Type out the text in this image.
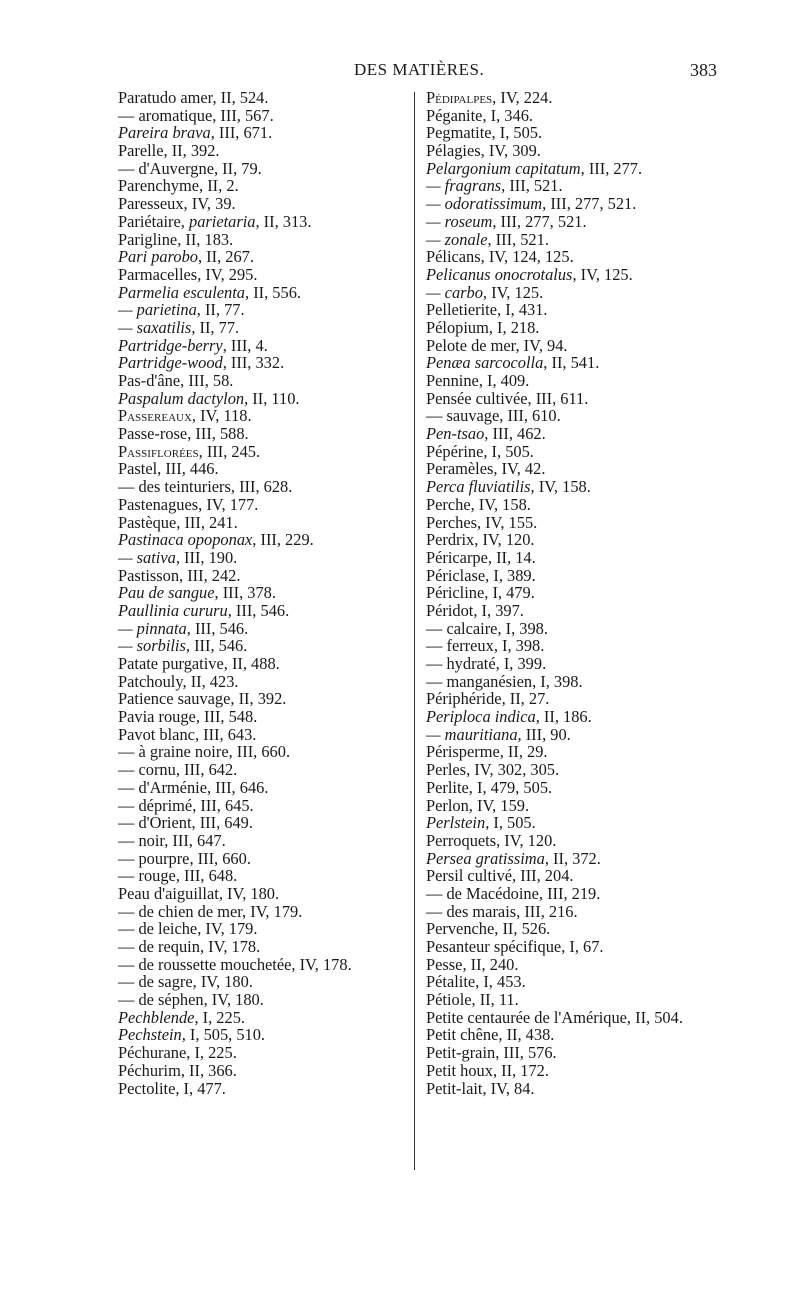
DES MATIÈRES.	383
Paratudo amer, II, 524.
— aromatique, III, 567.
Pareira brava, III, 671.
Parelle, II, 392.
— d'Auvergne, II, 79.
Parenchyme, II, 2.
Paresseux, IV, 39.
Pariétaire, parietaria, II, 313.
Parigline, II, 183.
Pari parobo, II, 267.
Parmacelles, IV, 295.
Parmelia esculenta, II, 556.
— parietina, II, 77.
— saxatilis, II, 77.
Partridge-berry, III, 4.
Partridge-wood, III, 332.
Pas-d'âne, III, 58.
Paspalum dactylon, II, 110.
Passereaux, IV, 118.
Passe-rose, III, 588.
Passiflorées, III, 245.
Pastel, III, 446.
— des teinturiers, III, 628.
Pastenagues, IV, 177.
Pastèque, III, 241.
Pastinaca opoponax, III, 229.
— sativa, III, 190.
Pastisson, III, 242.
Pau de sangue, III, 378.
Paullinia cururu, III, 546.
— pinnata, III, 546.
— sorbilis, III, 546.
Patate purgative, II, 488.
Patchouly, II, 423.
Patience sauvage, II, 392.
Pavia rouge, III, 548.
Pavot blanc, III, 643.
— à graine noire, III, 660.
— cornu, III, 642.
— d'Arménie, III, 646.
— déprimé, III, 645.
— d'Orient, III, 649.
— noir, III, 647.
— pourpre, III, 660.
— rouge, III, 648.
Peau d'aiguillat, IV, 180.
— de chien de mer, IV, 179.
— de leiche, IV, 179.
— de requin, IV, 178.
— de roussette mouchetée, IV, 178.
— de sagre, IV, 180.
— de séphen, IV, 180.
Pechblende, I, 225.
Pechstein, I, 505, 510.
Péchurane, I, 225.
Péchurim, II, 366.
Pectolite, I, 477.
Pédipalpes, IV, 224.
Péganite, I, 346.
Pegmatite, I, 505.
Pélagies, IV, 309.
Pelargonium capitatum, III, 277.
— fragrans, III, 521.
— odoratissimum, III, 277, 521.
— roseum, III, 277, 521.
— zonale, III, 521.
Pélicans, IV, 124, 125.
Pelicanus onocrotalus, IV, 125.
— carbo, IV, 125.
Pelletierite, I, 431.
Pélopium, I, 218.
Pelote de mer, IV, 94.
Penæa sarcocolla, II, 541.
Pennine, I, 409.
Pensée cultivée, III, 611.
— sauvage, III, 610.
Pen-tsao, III, 462.
Pépérine, I, 505.
Peramèles, IV, 42.
Perca fluviatilis, IV, 158.
Perche, IV, 158.
Perches, IV, 155.
Perdrix, IV, 120.
Péricarpe, II, 14.
Périclase, I, 389.
Péricline, I, 479.
Péridot, I, 397.
— calcaire, I, 398.
— ferreux, I, 398.
— hydraté, I, 399.
— manganésien, I, 398.
Périphéride, II, 27.
Periploca indica, II, 186.
— mauritiana, III, 90.
Périsperme, II, 29.
Perles, IV, 302, 305.
Perlite, I, 479, 505.
Perlon, IV, 159.
Perlstein, I, 505.
Perroquets, IV, 120.
Persea gratissima, II, 372.
Persil cultivé, III, 204.
— de Macédoine, III, 219.
— des marais, III, 216.
Pervenche, II, 526.
Pesanteur spécifique, I, 67.
Pesse, II, 240.
Pétalite, I, 453.
Pétiole, II, 11.
Petite centaurée de l'Amérique, II, 504.
Petit chêne, II, 438.
Petit-grain, III, 576.
Petit houx, II, 172.
Petit-lait, IV, 84.
